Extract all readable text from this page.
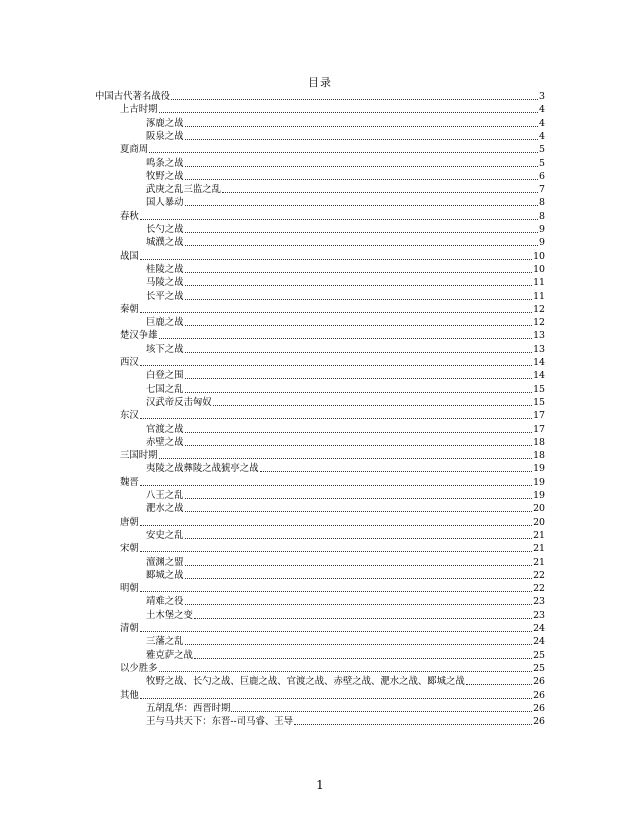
目录
中国古代著名战役	3
上古时期	4
涿鹿之战	4
阪泉之战	4
夏商周	5
鸣条之战	5
牧野之战	6
武庚之乱三监之乱	7
国人暴动	8
春秋	8
长勺之战	9
城濮之战	9
战国	10
桂陵之战	10
马陵之战	11
长平之战	11
秦朝	12
巨鹿之战	12
楚汉争雄	13
垓下之战	13
西汉	14
白登之围	14
七国之乱	15
汉武帝反击匈奴	15
东汉	17
官渡之战	17
赤壁之战	18
三国时期	18
夷陵之战彝陵之战猇亭之战	19
魏晋	19
八王之乱	19
淝水之战	20
唐朝	20
安史之乱	21
宋朝	21
澶渊之盟	21
郾城之战	22
明朝	22
靖难之役	23
土木堡之变	23
清朝	24
三藩之乱	24
雅克萨之战	25
以少胜多	25
牧野之战、长勺之战、巨鹿之战、官渡之战、赤壁之战、淝水之战、郾城之战	26
其他	26
五胡乱华：西晋时期	26
王与马共天下：东晋--司马睿、王导	26
1
